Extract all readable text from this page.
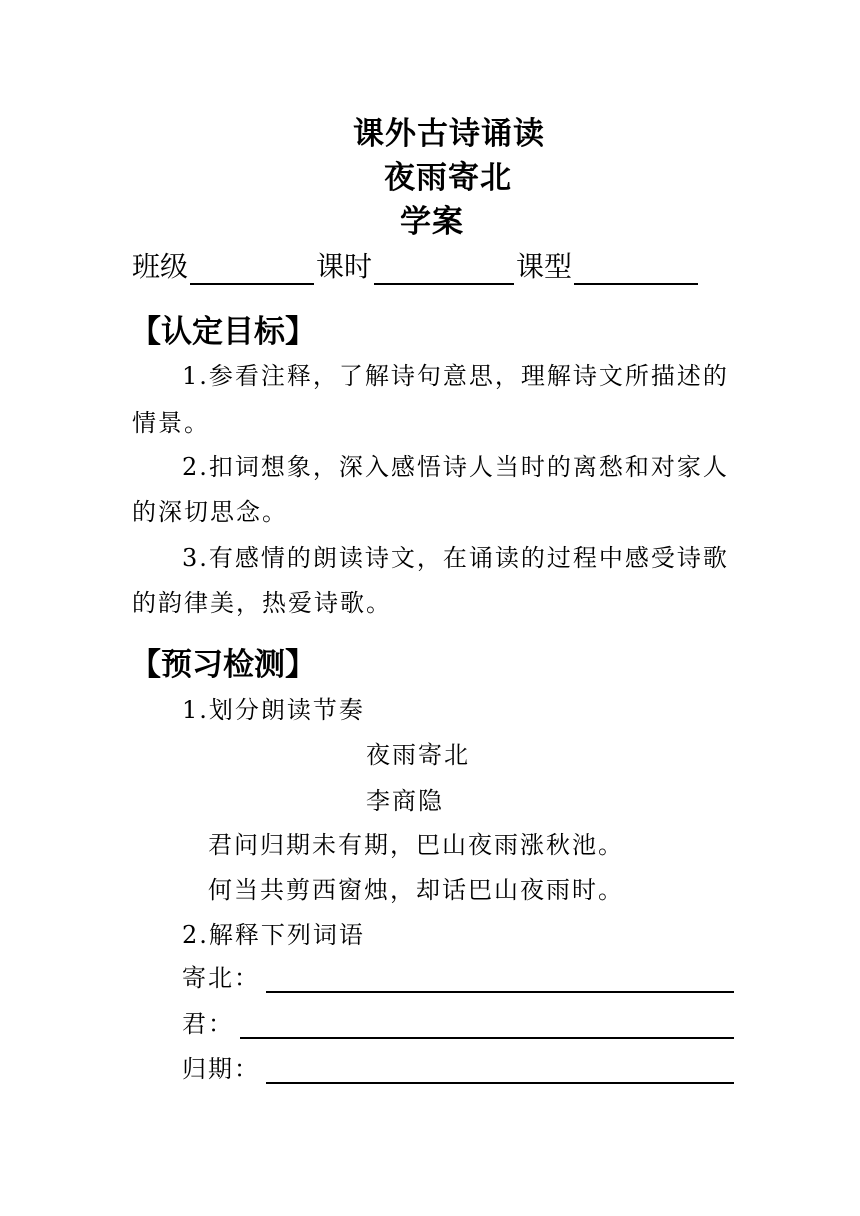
课外古诗诵读
夜雨寄北
学案
班级	课时	课型
【认定目标】
1.参看注释，了解诗句意思，理解诗文所描述的
情景。
2.扣词想象，深入感悟诗人当时的离愁和对家人
的深切思念。
3.有感情的朗读诗文，在诵读的过程中感受诗歌
的韵律美，热爱诗歌。
【预习检测】
1.划分朗读节奏
夜雨寄北
李商隐
君问归期未有期，巴山夜雨涨秋池。
何当共剪西窗烛，却话巴山夜雨时。
2.解释下列词语
寄北：
君：
归期：
